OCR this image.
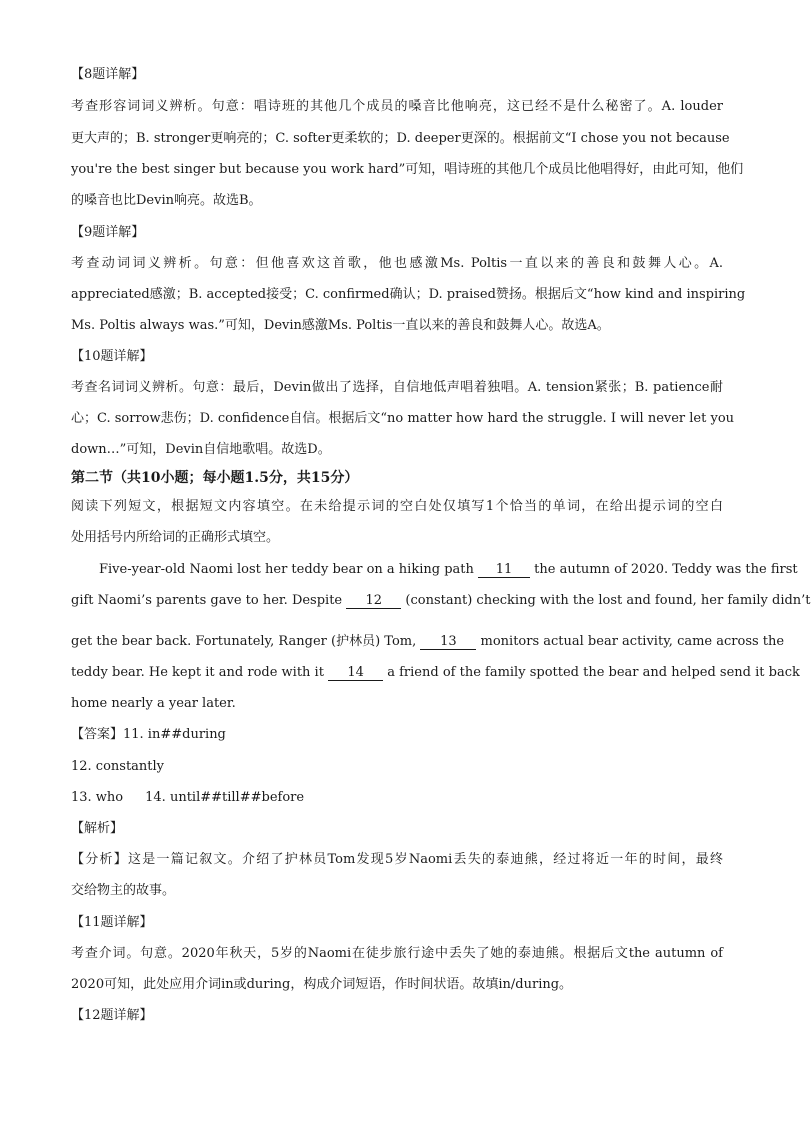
【8题详解】
考查形容词词义辨析。句意：唱诗班的其他几个成员的嗓音比他响亮，这已经不是什么秘密了。A. louder
更大声的；B. stronger更响亮的；C. softer更柔软的；D. deeper更深的。根据前文“I chose you not because
you're the best singer but because you work hard”可知，唱诗班的其他几个成员比他唱得好，由此可知，他们
的嗓音也比Devin响亮。故选B。
【9题详解】
考查动词词义辨析。句意：但他喜欢这首歌，他也感激Ms. Poltis一直以来的善良和鼓舞人心。A.
appreciated感激；B. accepted接受；C. confirmed确认；D. praised赞扬。根据后文“how kind and inspiring
Ms. Poltis always was.”可知，Devin感激Ms. Poltis一直以来的善良和鼓舞人心。故选A。
【10题详解】
考查名词词义辨析。句意：最后，Devin做出了选择，自信地低声唱着独唱。A. tension紧张；B. patience耐
心；C. sorrow悲伤；D. confidence自信。根据后文“no matter how hard the struggle. I will never let you
down…”可知，Devin自信地歌唱。故选D。
第二节（共10小题；每小题1.5分，共15分）
阅读下列短文，根据短文内容填空。在未给提示词的空白处仅填写1个恰当的单词，在给出提示词的空白
处用括号内所给词的正确形式填空。
Five-year-old Naomi lost her teddy bear on a hiking path 11 the autumn of 2020. Teddy was the first
gift Naomi’s parents gave to her. Despite 12 (constant) checking with the lost and found, her family didn’t
get the bear back. Fortunately, Ranger (护林员) Tom, 13 monitors actual bear activity, came across the
teddy bear. He kept it and rode with it 14 a friend of the family spotted the bear and helped send it back
home nearly a year later.
【答案】11. in##during
12. constantly
13. who 14. until##till##before
【解析】
【分析】这是一篇记叙文。介绍了护林员Tom发现5岁Naomi丢失的泰迪熊，经过将近一年的时间，最终
交给物主的故事。
【11题详解】
考查介词。句意。2020年秋天，5岁的Naomi在徒步旅行途中丢失了她的泰迪熊。根据后文the autumn of
2020可知，此处应用介词in或during，构成介词短语，作时间状语。故填in/during。
【12题详解】
